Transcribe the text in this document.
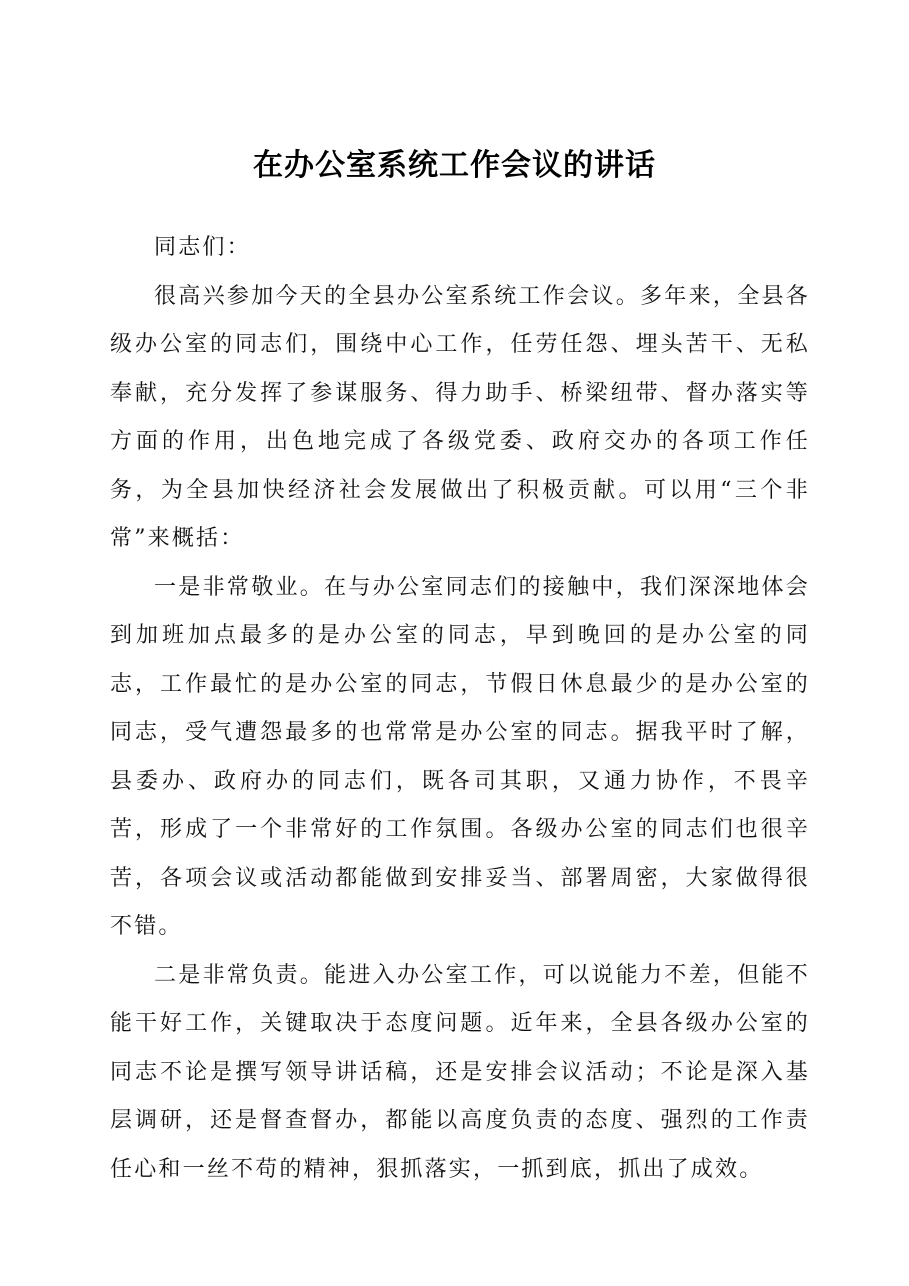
在办公室系统工作会议的讲话

同志们：

很高兴参加今天的全县办公室系统工作会议。多年来，全县各级办公室的同志们，围绕中心工作，任劳任怨、埋头苦干、无私奉献，充分发挥了参谋服务、得力助手、桥梁纽带、督办落实等方面的作用，出色地完成了各级党委、政府交办的各项工作任务，为全县加快经济社会发展做出了积极贡献。可以用“三个非常”来概括：

一是非常敬业。在与办公室同志们的接触中，我们深深地体会到加班加点最多的是办公室的同志，早到晚回的是办公室的同志，工作最忙的是办公室的同志，节假日休息最少的是办公室的同志，受气遭怨最多的也常常是办公室的同志。据我平时了解，县委办、政府办的同志们，既各司其职，又通力协作，不畏辛苦，形成了一个非常好的工作氛围。各级办公室的同志们也很辛苦，各项会议或活动都能做到安排妥当、部署周密，大家做得很不错。

二是非常负责。能进入办公室工作，可以说能力不差，但能不能干好工作，关键取决于态度问题。近年来，全县各级办公室的同志不论是撰写领导讲话稿，还是安排会议活动；不论是深入基层调研，还是督查督办，都能以高度负责的态度、强烈的工作责任心和一丝不苟的精神，狠抓落实，一抓到底，抓出了成效。
